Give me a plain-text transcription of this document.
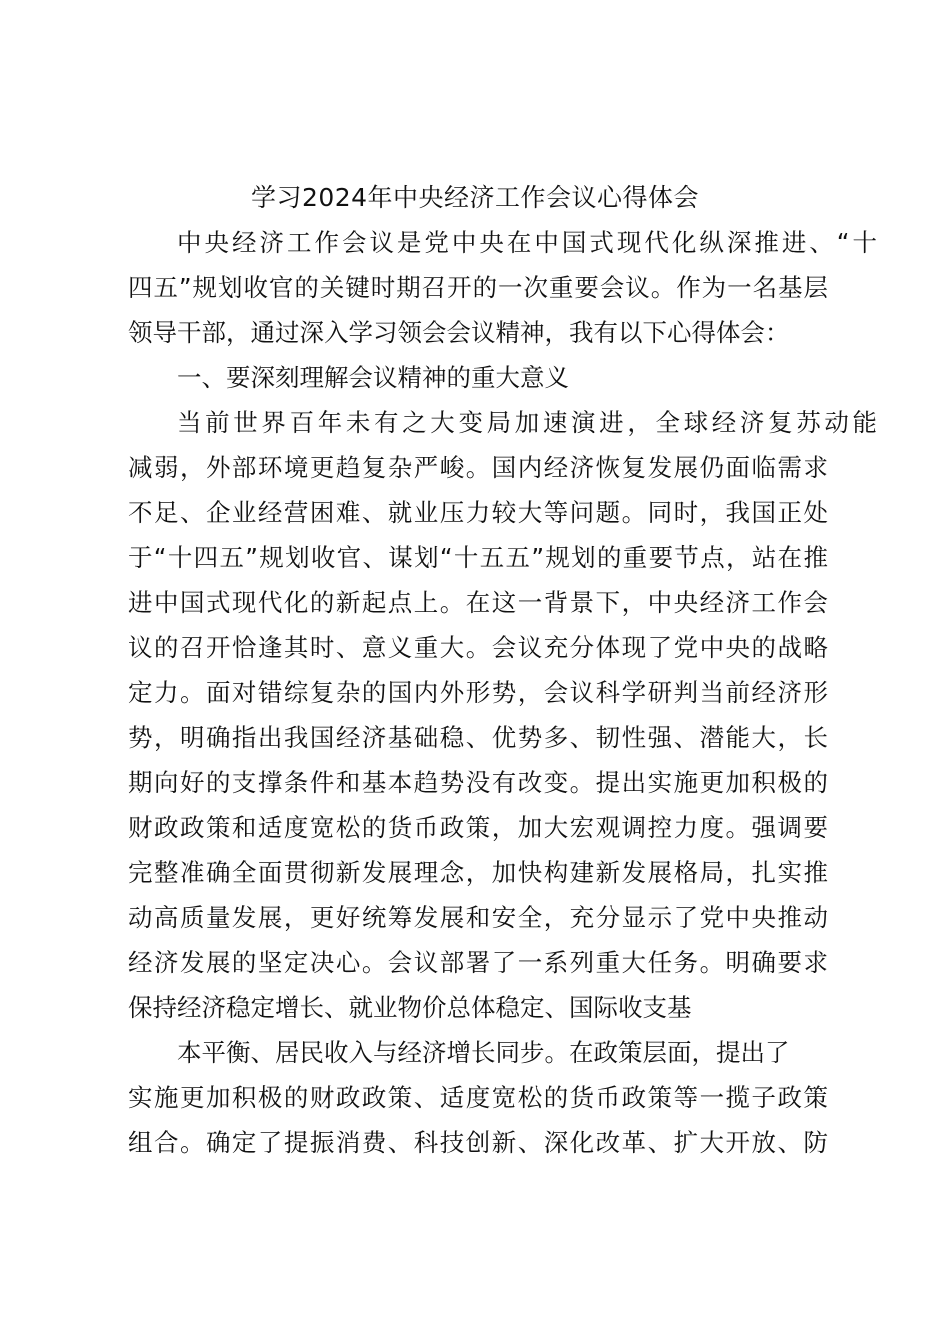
学习2024年中央经济工作会议心得体会
中央经济工作会议是党中央在中国式现代化纵深推进、“十
四五”规划收官的关键时期召开的一次重要会议。作为一名基层
领导干部，通过深入学习领会会议精神，我有以下心得体会：
一、要深刻理解会议精神的重大意义
当前世界百年未有之大变局加速演进，全球经济复苏动能
减弱，外部环境更趋复杂严峻。国内经济恢复发展仍面临需求
不足、企业经营困难、就业压力较大等问题。同时，我国正处
于“十四五”规划收官、谋划“十五五”规划的重要节点，站在推
进中国式现代化的新起点上。在这一背景下，中央经济工作会
议的召开恰逢其时、意义重大。会议充分体现了党中央的战略
定力。面对错综复杂的国内外形势，会议科学研判当前经济形
势，明确指出我国经济基础稳、优势多、韧性强、潜能大，长
期向好的支撑条件和基本趋势没有改变。提出实施更加积极的
财政政策和适度宽松的货币政策，加大宏观调控力度。强调要
完整准确全面贯彻新发展理念，加快构建新发展格局，扎实推
动高质量发展，更好统筹发展和安全，充分显示了党中央推动
经济发展的坚定决心。会议部署了一系列重大任务。明确要求
保持经济稳定增长、就业物价总体稳定、国际收支基
本平衡、居民收入与经济增长同步。在政策层面，提出了
实施更加积极的财政政策、适度宽松的货币政策等一揽子政策
组合。确定了提振消费、科技创新、深化改革、扩大开放、防
